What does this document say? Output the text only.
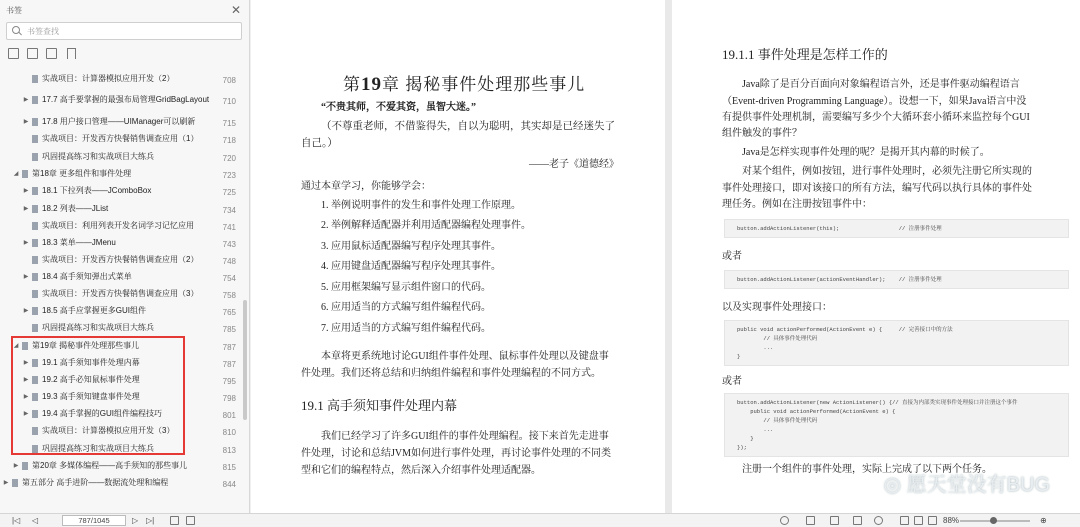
书签	✕
书签查找
实战项目：计算器模拟应用开发（2）	708
▶ 17.7 高手要掌握的最强布局管理GridBagLayout	710
▶ 17.8 用户接口管理——UIManager可以刷新	715
实战项目：开发西方快餐销售调查应用（1）	718
巩固提高练习和实战项目大练兵	720
◢ 第18章 更多组件和事件处理	723
▶ 18.1 下拉列表——JComboBox	725
▶ 18.2 列表——JList	734
实战项目：利用列表开发名词学习记忆应用	741
▶ 18.3 菜单——JMenu	743
实战项目：开发西方快餐销售调查应用（2）	748
▶ 18.4 高手须知弹出式菜单	754
实战项目：开发西方快餐销售调查应用（3）	758
▶ 18.5 高手应掌握更多GUI组件	765
巩固提高练习和实战项目大练兵	785
◢ 第19章 揭秘事件处理那些事儿	787
▶ 19.1 高手须知事件处理内幕	787
▶ 19.2 高手必知鼠标事件处理	795
▶ 19.3 高手须知键盘事件处理	798
▶ 19.4 高手掌握的GUI组件编程技巧	801
实战项目：计算器模拟应用开发（3）	810
巩固提高练习和实战项目大练兵	813
▶ 第20章 多媒体编程——高手须知的那些事儿	815
▶ 第五部分 高手进阶——数据流处理和编程	844
第19章 揭秘事件处理那些事儿
“不贵其师，不爱其资，虽智大迷。”
（不尊重老师，不借鉴得失，自以为聪明，其实却是已经迷失了
自己。）
——老子《道德经》
通过本章学习，你能够学会：
1. 举例说明事件的发生和事件处理工作原理。
2. 举例解释适配器并利用适配器编程处理事件。
3. 应用鼠标适配器编写程序处理其事件。
4. 应用键盘适配器编写程序处理其事件。
5. 应用框架编写显示组件窗口的代码。
6. 应用适当的方式编写组件编程代码。
7. 应用适当的方式编写组件编程代码。
本章将更系统地讨论GUI组件事件处理、鼠标事件处理以及键盘事
件处理。我们还将总结和归纳组件编程和事件处理编程的不同方式。
19.1 高手须知事件处理内幕
我们已经学习了许多GUI组件的事件处理编程。接下来首先走进事
件处理，讨论和总结JVM如何进行事件处理，再讨论事件处理的不同类
型和它们的编程特点，然后深入介绍事件处理适配器。
19.1.1 事件处理是怎样工作的
Java除了是百分百面向对象编程语言外，还是事件驱动编程语言
（Event-driven Programming Language）。设想一下，如果Java语言中没
有提供事件处理机制，需要编写多少个大循环套小循环来监控每个GUI
组件触发的事件？
Java是怎样实现事件处理的呢？是揭开其内幕的时候了。
对某个组件，例如按钮，进行事件处理时，必须先注册它所实现的
事件处理接口，即对该接口的所有方法，编写代码以执行具体的事件处
理任务。例如在注册按钮事件中：
button.addActionListener(this);                  // 注册事件处理
或者
button.addActionListener(actionEventHandler);    // 注册事件处理
以及实现事件处理接口：
public void actionPerformed(ActionEvent e) {     // 完善接口中的方法
// 具体事件处理代码
...
}
或者
button.addActionListener(new ActionListener() {// 直接为内部类实现事件处理接口并注册这个事件
public void actionPerformed(ActionEvent e) {
// 具体事件处理代码
...
}
});
注册一个组件的事件处理，实际上完成了以下两个任务。
◎ 愿天堂没有BUG
|◁ ◁	787/1045	▷ ▷|	88%	⊕
